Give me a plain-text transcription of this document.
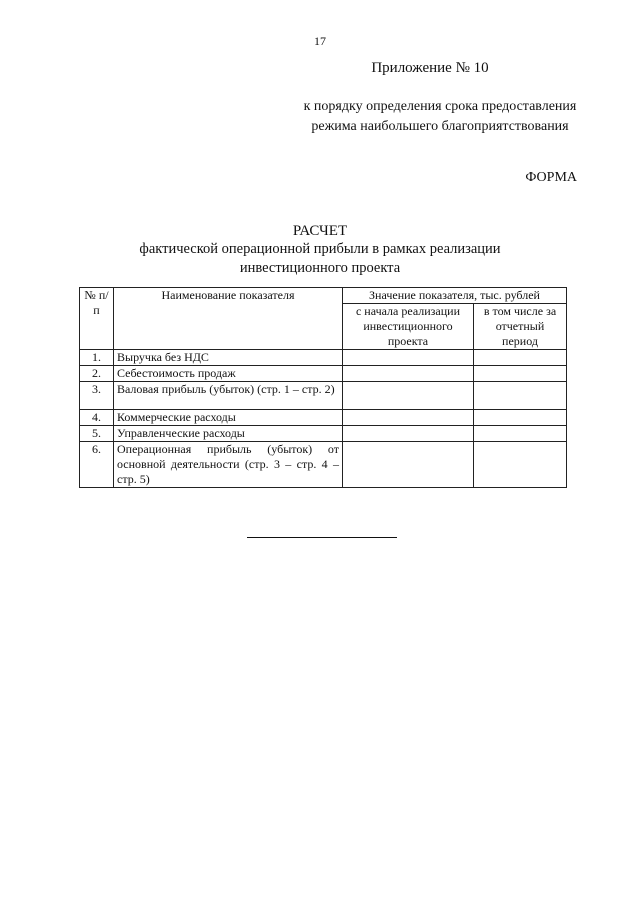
17
Приложение № 10
к порядку определения срока предоставления режима наибольшего благоприятствования
ФОРМА
РАСЧЕТ
фактической операционной прибыли в рамках реализации инвестиционного проекта
№ п/п	Наименование показателя	Значение показателя, тыс. рублей	
		с начала реализации инвестиционного проекта	в том числе за отчетный период
1.	Выручка без НДС		
2.	Себестоимость продаж		
3.	Валовая прибыль (убыток) (стр. 1 – стр. 2)		
4.	Коммерческие расходы		
5.	Управленческие расходы		
6.	Операционная прибыль (убыток) от основной деятельности (стр. 3 – стр. 4 – стр. 5)		
